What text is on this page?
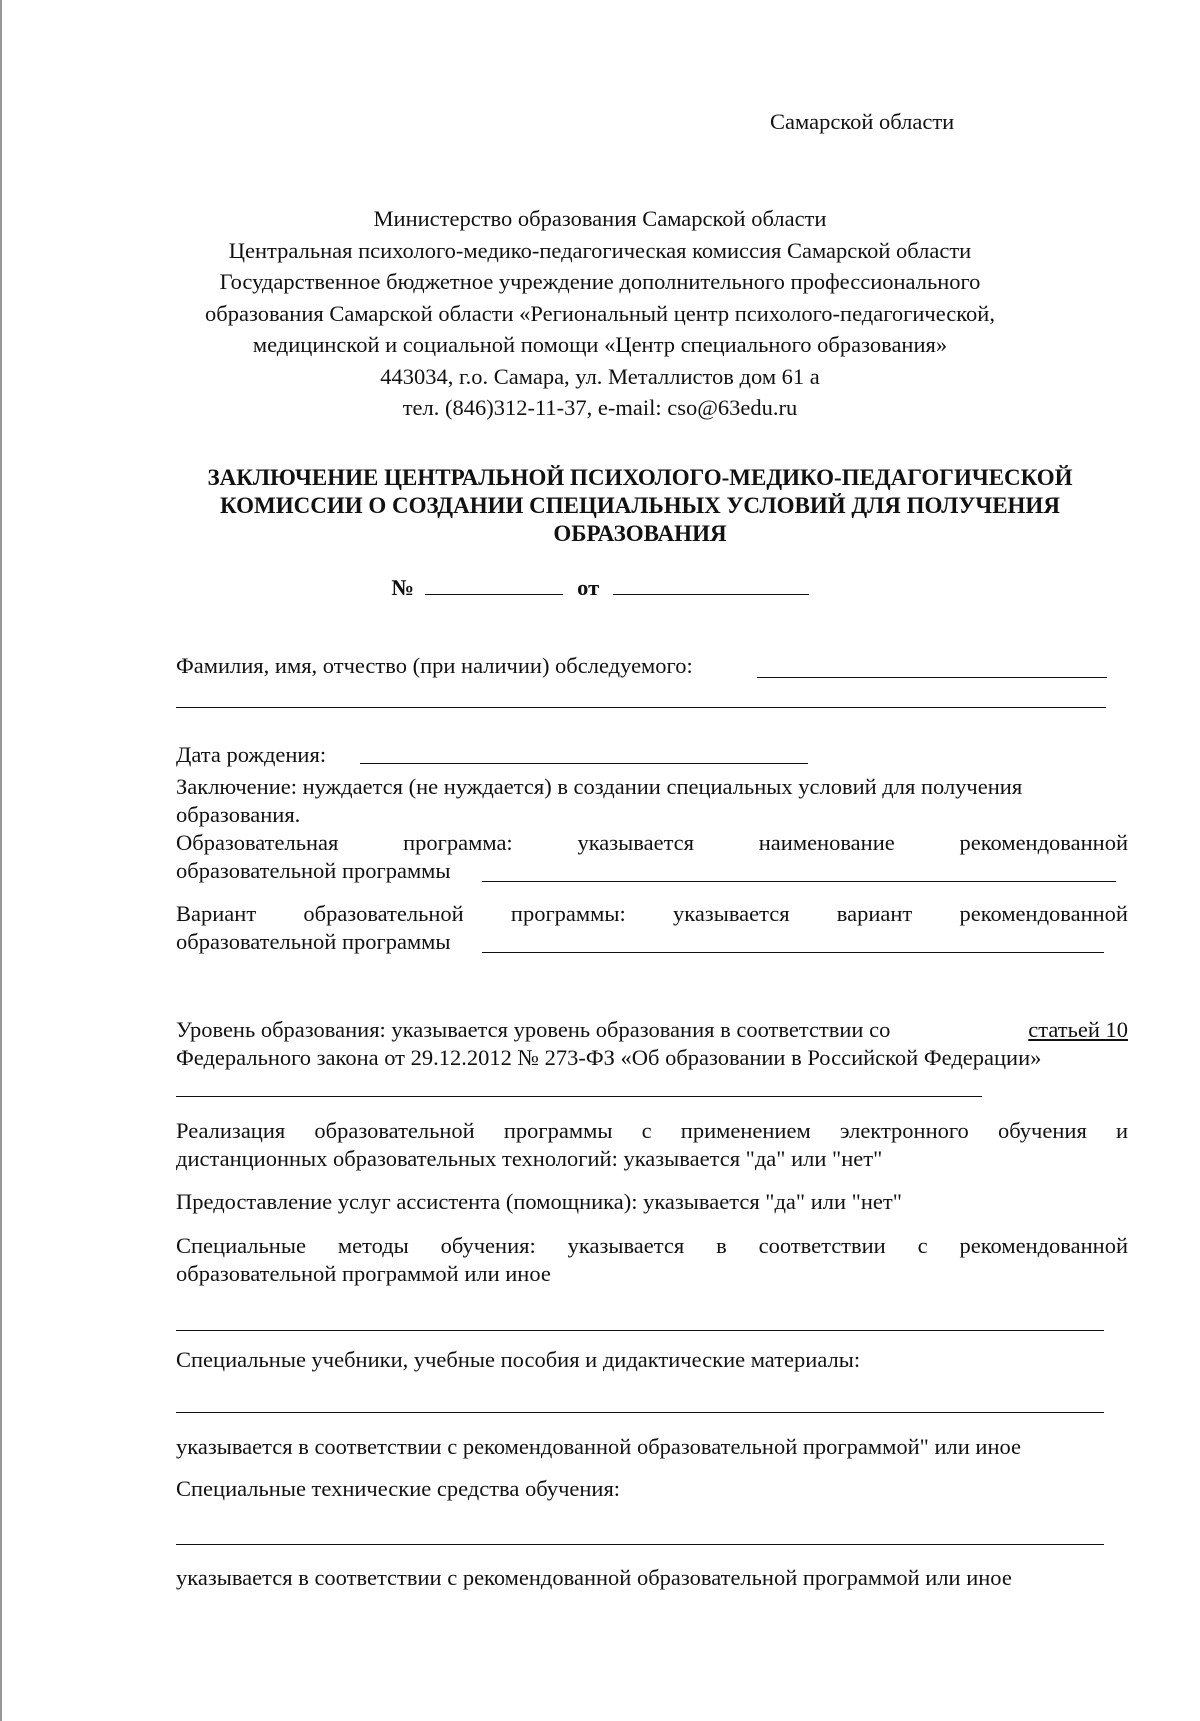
Самарской области
Министерство образования Самарской области
Центральная психолого-медико-педагогическая комиссия Самарской области
Государственное бюджетное учреждение дополнительного профессионального
образования Самарской области «Региональный центр психолого-педагогической,
медицинской и социальной помощи «Центр специального образования»
443034, г.о. Самара, ул. Металлистов дом 61 а
тел. (846)312-11-37, e-mail: cso@63edu.ru
ЗАКЛЮЧЕНИЕ ЦЕНТРАЛЬНОЙ ПСИХОЛОГО-МЕДИКО-ПЕДАГОГИЧЕСКОЙ
КОМИССИИ О СОЗДАНИИ СПЕЦИАЛЬНЫХ УСЛОВИЙ ДЛЯ ПОЛУЧЕНИЯ
ОБРАЗОВАНИЯ
№	от
Фамилия, имя, отчество (при наличии) обследуемого:
Дата рождения:
Заключение: нуждается (не нуждается) в создании специальных условий для получения
образования.
Образовательная	программа:	указывается	наименование	рекомендованной
образовательной программы
Вариант образовательной программы: указывается вариант рекомендованной
образовательной программы
Уровень образования: указывается уровень образования в соответствии со	статьей 10
Федерального закона от 29.12.2012 № 273-ФЗ «Об образовании в Российской Федерации»
Реализация образовательной программы с применением электронного обучения и
дистанционных образовательных технологий: указывается "да" или "нет"
Предоставление услуг ассистента (помощника): указывается "да" или "нет"
Специальные методы обучения: указывается в соответствии с рекомендованной
образовательной программой или иное
Специальные учебники, учебные пособия и дидактические материалы:
указывается в соответствии с рекомендованной образовательной программой" или иное
Специальные технические средства обучения:
указывается в соответствии с рекомендованной образовательной программой или иное
